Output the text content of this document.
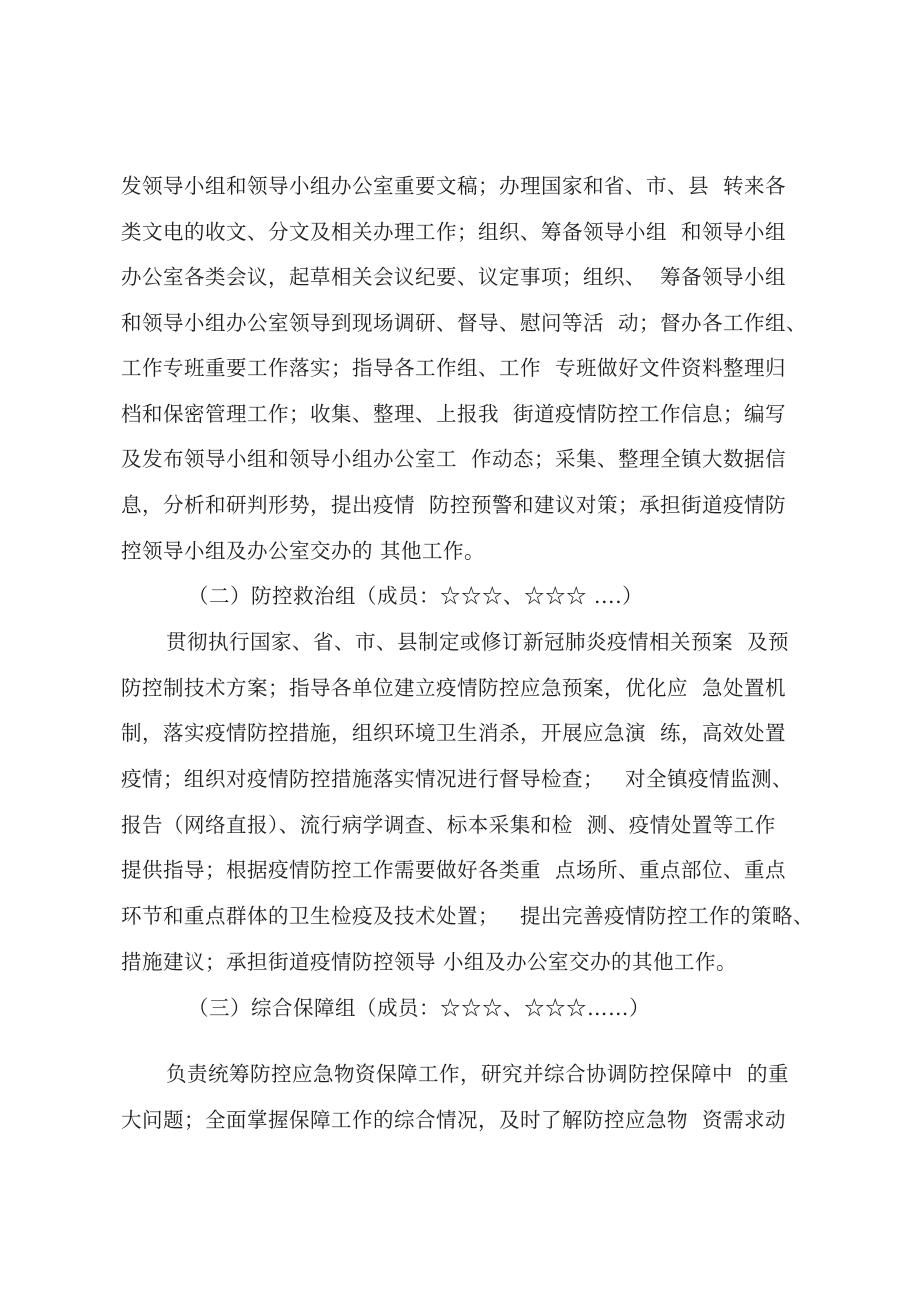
发领导小组和领导小组办公室重要文稿；办理国家和省、市、县  转来各
类文电的收文、分文及相关办理工作；组织、筹备领导小组  和领导小组
办公室各类会议，起草相关会议纪要、议定事项；组织、  筹备领导小组
和领导小组办公室领导到现场调研、督导、慰问等活  动；督办各工作组、
工作专班重要工作落实；指导各工作组、工作  专班做好文件资料整理归
档和保密管理工作；收集、整理、上报我  街道疫情防控工作信息；编写
及发布领导小组和领导小组办公室工  作动态；采集、整理全镇大数据信
息，分析和研判形势，提出疫情  防控预警和建议对策；承担街道疫情防
控领导小组及办公室交办的 其他工作。
（二）防控救治组（成员：☆☆☆、☆☆☆ ....）
贯彻执行国家、省、市、县制定或修订新冠肺炎疫情相关预案  及预
防控制技术方案；指导各单位建立疫情防控应急预案，优化应  急处置机
制，落实疫情防控措施，组织环境卫生消杀，开展应急演  练，高效处置
疫情；组织对疫情防控措施落实情况进行督导检查；   对全镇疫情监测、
报告（网络直报）、流行病学调查、标本采集和检  测、疫情处置等工作
提供指导；根据疫情防控工作需要做好各类重  点场所、重点部位、重点
环节和重点群体的卫生检疫及技术处置；   提出完善疫情防控工作的策略、
措施建议；承担街道疫情防控领导 小组及办公室交办的其他工作。
（三）综合保障组（成员：☆☆☆、☆☆☆……）
负责统筹防控应急物资保障工作，研究并综合协调防控保障中  的重
大问题；全面掌握保障工作的综合情况，及时了解防控应急物  资需求动
